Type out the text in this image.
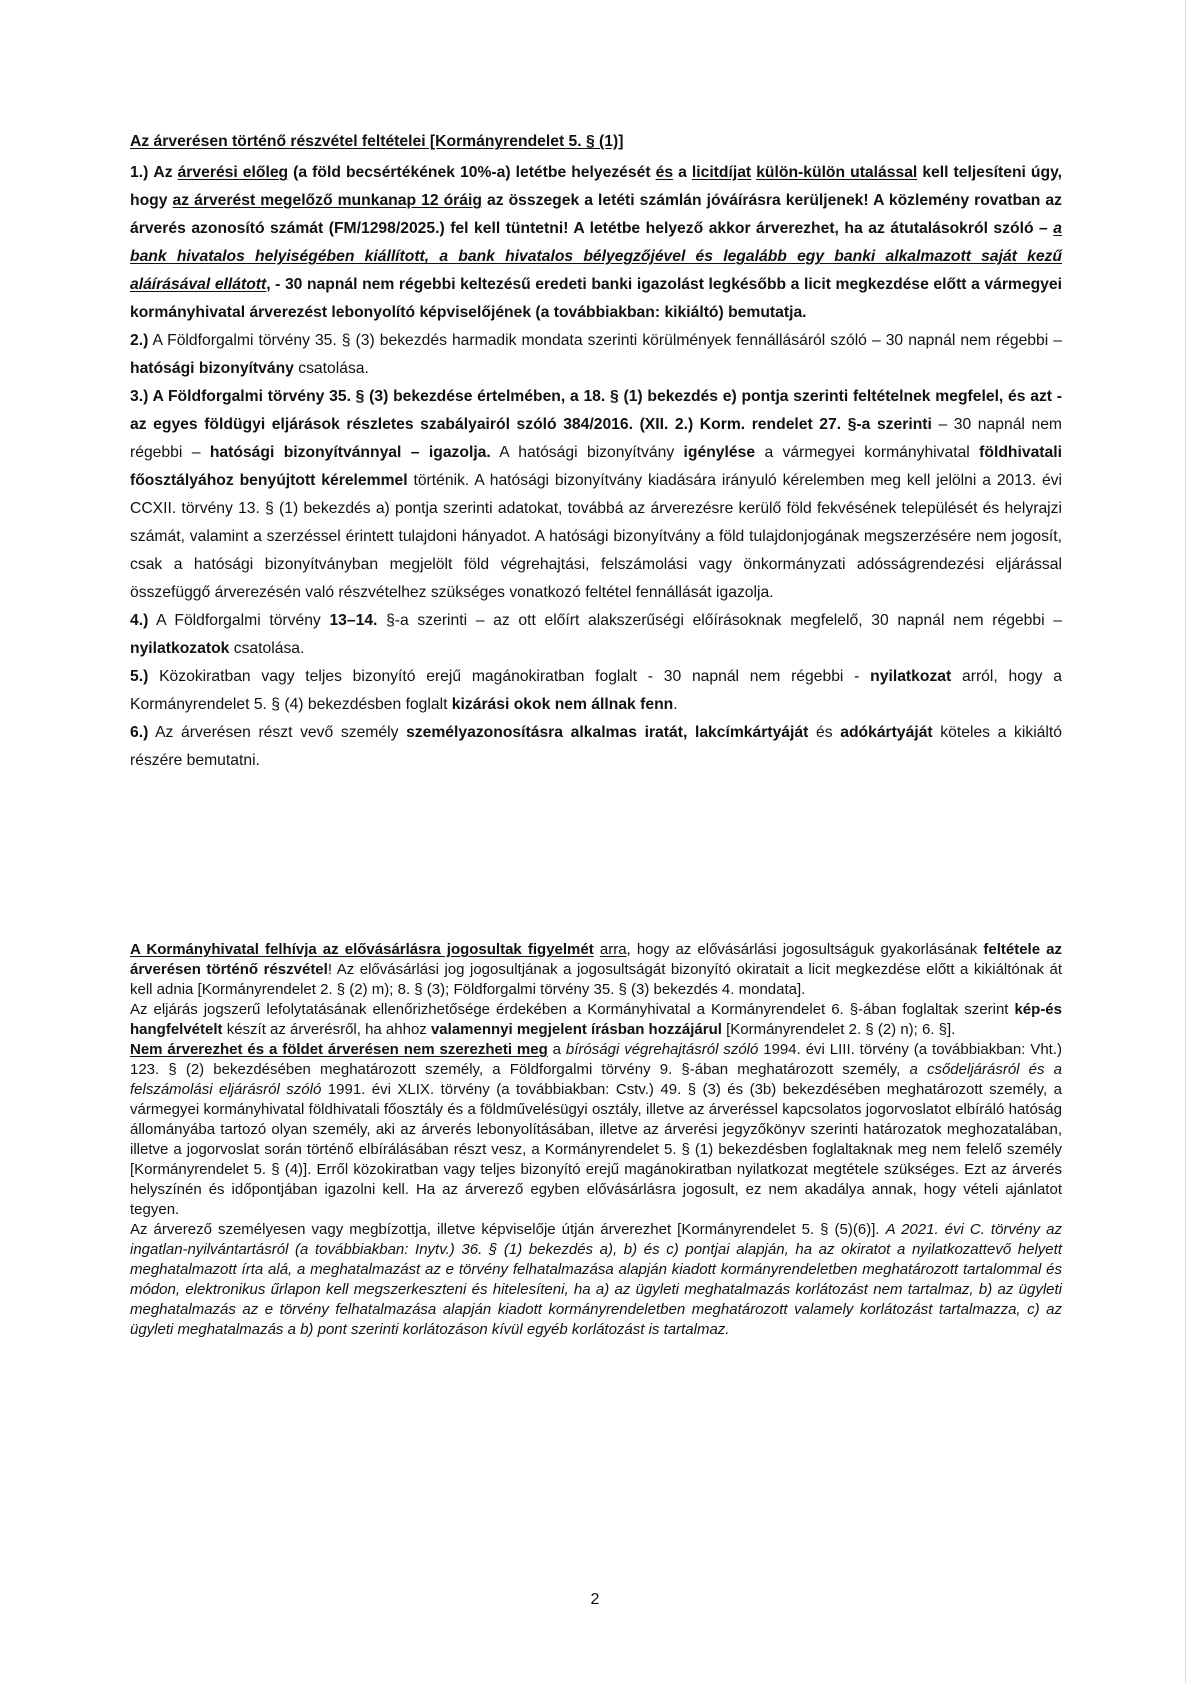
Az árverésen történő részvétel feltételei [Kormányrendelet 5. § (1)]

1.) Az árverési előleg (a föld becsértékének 10%-a) letétbe helyezését és a licitdíjat külön-külön utalással kell teljesíteni úgy, hogy az árverést megelőző munkanap 12 óráig az összegek a letéti számlán jóváírásra kerüljenek! A közlemény rovatban az árverés azonosító számát (FM/1298/2025.) fel kell tüntetni! A letétbe helyező akkor árverezhet, ha az átutalásokról szóló – a bank hivatalos helyiségében kiállított, a bank hivatalos bélyegzőjével és legalább egy banki alkalmazott saját kezű aláírásával ellátott, - 30 napnál nem régebbi keltezésű eredeti banki igazolást legkésőbb a licit megkezdése előtt a vármegyei kormányhivatal árverezést lebonyolító képviselőjének (a továbbiakban: kikiáltó) bemutatja.

2.) A Földforgalmi törvény 35. § (3) bekezdés harmadik mondata szerinti körülmények fennállásáról szóló – 30 napnál nem régebbi – hatósági bizonyítvány csatolása.

3.) A Földforgalmi törvény 35. § (3) bekezdése értelmében, a 18. § (1) bekezdés e) pontja szerinti feltételnek megfelel, és azt - az egyes földügyi eljárások részletes szabályairól szóló 384/2016. (XII. 2.) Korm. rendelet 27. §-a szerinti – 30 napnál nem régebbi – hatósági bizonyítvánnyal – igazolja. A hatósági bizonyítvány igénylése a vármegyei kormányhivatal földhivatali főosztályához benyújtott kérelemmel történik. A hatósági bizonyítvány kiadására irányuló kérelemben meg kell jelölni a 2013. évi CCXII. törvény 13. § (1) bekezdés a) pontja szerinti adatokat, továbbá az árverezésre kerülő föld fekvésének települését és helyrajzi számát, valamint a szerzéssel érintett tulajdoni hányadot. A hatósági bizonyítvány a föld tulajdonjogának megszerzésére nem jogosít, csak a hatósági bizonyítványban megjelölt föld végrehajtási, felszámolási vagy önkormányzati adósságrendezési eljárással összefüggő árverezésén való részvételhez szükséges vonatkozó feltétel fennállását igazolja.

4.) A Földforgalmi törvény 13–14. §-a szerinti – az ott előírt alakszerűségi előírásoknak megfelelő, 30 napnál nem régebbi – nyilatkozatok csatolása.

5.) Közokiratban vagy teljes bizonyító erejű magánokiratban foglalt - 30 napnál nem régebbi - nyilatkozat arról, hogy a Kormányrendelet 5. § (4) bekezdésben foglalt kizárási okok nem állnak fenn.

6.) Az árverésen részt vevő személy személyazonosításra alkalmas iratát, lakcímkártyáját és adókártyáját köteles a kikiáltó részére bemutatni.

A Kormányhivatal felhívja az elővásárlásra jogosultak figyelmét arra, hogy az elővásárlási jogosultságuk gyakorlásának feltétele az árverésen történő részvétel! Az elővásárlási jog jogosultjának a jogosultságát bizonyító okiratait a licit megkezdése előtt a kikiáltónak át kell adnia [Kormányrendelet 2. § (2) m); 8. § (3); Földforgalmi törvény 35. § (3) bekezdés 4. mondata].

Az eljárás jogszerű lefolytatásának ellenőrizhetősége érdekében a Kormányhivatal a Kormányrendelet 6. §-ában foglaltak szerint kép-és hangfelvételt készít az árverésről, ha ahhoz valamennyi megjelent írásban hozzájárul [Kormányrendelet 2. § (2) n); 6. §].

Nem árverezhet és a földet árverésen nem szerezheti meg a bírósági végrehajtásról szóló 1994. évi LIII. törvény (a továbbiakban: Vht.) 123. § (2) bekezdésében meghatározott személy, a Földforgalmi törvény 9. §-ában meghatározott személy, a csődeljárásról és a felszámolási eljárásról szóló 1991. évi XLIX. törvény (a továbbiakban: Cstv.) 49. § (3) és (3b) bekezdésében meghatározott személy, a vármegyei kormányhivatal földhivatali főosztály és a földművelésügyi osztály, illetve az árveréssel kapcsolatos jogorvoslatot elbíráló hatóság állományába tartozó olyan személy, aki az árverés lebonyolításában, illetve az árverési jegyzőkönyv szerinti határozatok meghozatalában, illetve a jogorvoslat során történő elbírálásában részt vesz, a Kormányrendelet 5. § (1) bekezdésben foglaltaknak meg nem felelő személy [Kormányrendelet 5. § (4)]. Erről közokiratban vagy teljes bizonyító erejű magánokiratban nyilatkozat megtétele szükséges. Ezt az árverés helyszínén és időpontjában igazolni kell. Ha az árverező egyben elővásárlásra jogosult, ez nem akadálya annak, hogy vételi ajánlatot tegyen.

Az árverező személyesen vagy megbízottja, illetve képviselője útján árverezhet [Kormányrendelet 5. § (5)(6)]. A 2021. évi C. törvény az ingatlan-nyilvántartásról (a továbbiakban: Inytv.) 36. § (1) bekezdés a), b) és c) pontjai alapján, ha az okiratot a nyilatkozattevő helyett meghatalmazott írta alá, a meghatalmazást az e törvény felhatalmazása alapján kiadott kormányrendeletben meghatározott tartalommal és módon, elektronikus űrlapon kell megszerkeszteni és hitelesíteni, ha a) az ügyleti meghatalmazás korlátozást nem tartalmaz, b) az ügyleti meghatalmazás az e törvény felhatalmazása alapján kiadott kormányrendeletben meghatározott valamely korlátozást tartalmazza, c) az ügyleti meghatalmazás a b) pont szerinti korlátozáson kívül egyéb korlátozást is tartalmaz.

2
